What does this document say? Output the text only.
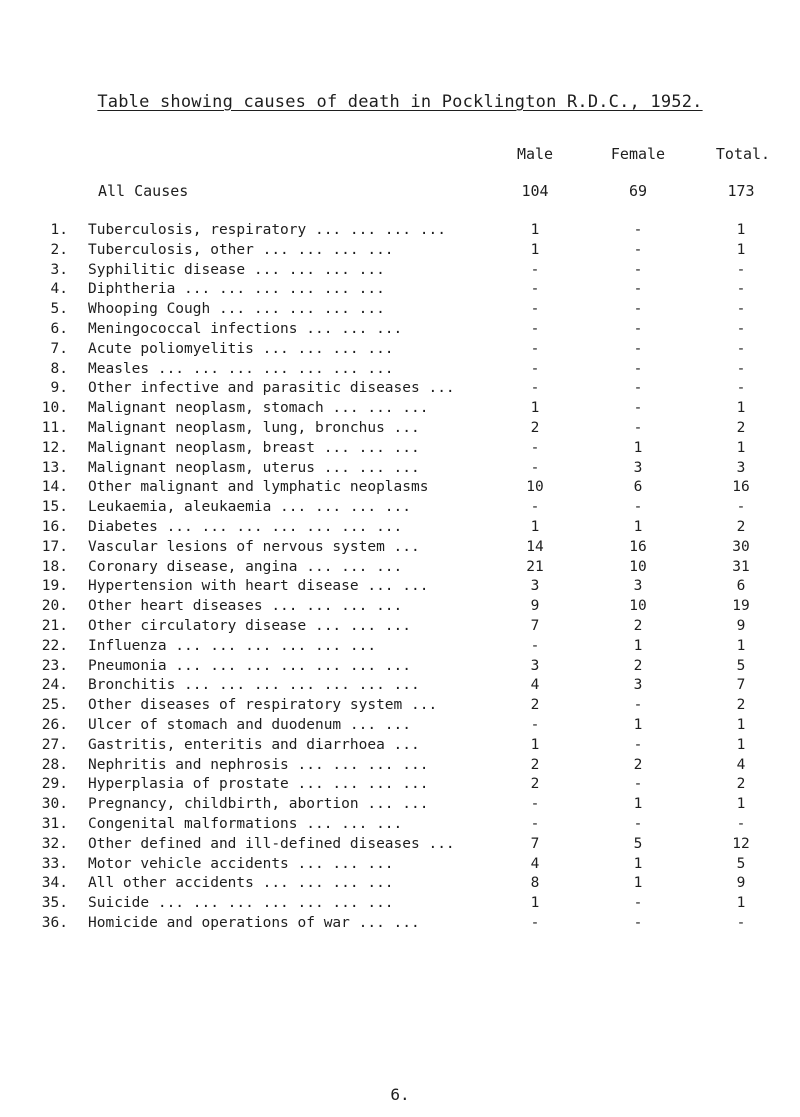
Table showing causes of death in Pocklington R.D.C., 1952.
Male	Female	Total.
All Causes	104	69	173
1. Tuberculosis, respiratory ... ... ... ...	1	-	1
2. Tuberculosis, other ... ... ... ...	1	-	1
3. Syphilitic disease ... ... ... ...	-	-	-
4. Diphtheria ... ... ... ... ... ...	-	-	-
5. Whooping Cough ... ... ... ... ...	-	-	-
6. Meningococcal infections ... ... ...	-	-	-
7. Acute poliomyelitis ... ... ... ...	-	-	-
8. Measles ... ... ... ... ... ... ...	-	-	-
9. Other infective and parasitic diseases ...	-	-	-
10. Malignant neoplasm, stomach ... ... ...	1	-	1
11. Malignant neoplasm, lung, bronchus ...	2	-	2
12. Malignant neoplasm, breast ... ... ...	-	1	1
13. Malignant neoplasm, uterus ... ... ...	-	3	3
14. Other malignant and lymphatic neoplasms	10	6	16
15. Leukaemia, aleukaemia ... ... ... ...	-	-	-
16. Diabetes ... ... ... ... ... ... ...	1	1	2
17. Vascular lesions of nervous system ...	14	16	30
18. Coronary disease, angina ... ... ...	21	10	31
19. Hypertension with heart disease ... ...	3	3	6
20. Other heart diseases ... ... ... ...	9	10	19
21. Other circulatory disease ... ... ...	7	2	9
22. Influenza ... ... ... ... ... ...	-	1	1
23. Pneumonia ... ... ... ... ... ... ...	3	2	5
24. Bronchitis ... ... ... ... ... ... ...	4	3	7
25. Other diseases of respiratory system ...	2	-	2
26. Ulcer of stomach and duodenum ... ...	-	1	1
27. Gastritis, enteritis and diarrhoea ...	1	-	1
28. Nephritis and nephrosis ... ... ... ...	2	2	4
29. Hyperplasia of prostate ... ... ... ...	2	-	2
30. Pregnancy, childbirth, abortion ... ...	-	1	1
31. Congenital malformations ... ... ...	-	-	-
32. Other defined and ill-defined diseases ...	7	5	12
33. Motor vehicle accidents ... ... ...	4	1	5
34. All other accidents ... ... ... ...	8	1	9
35. Suicide ... ... ... ... ... ... ...	1	-	1
36. Homicide and operations of war ... ...	-	-	-
6.
